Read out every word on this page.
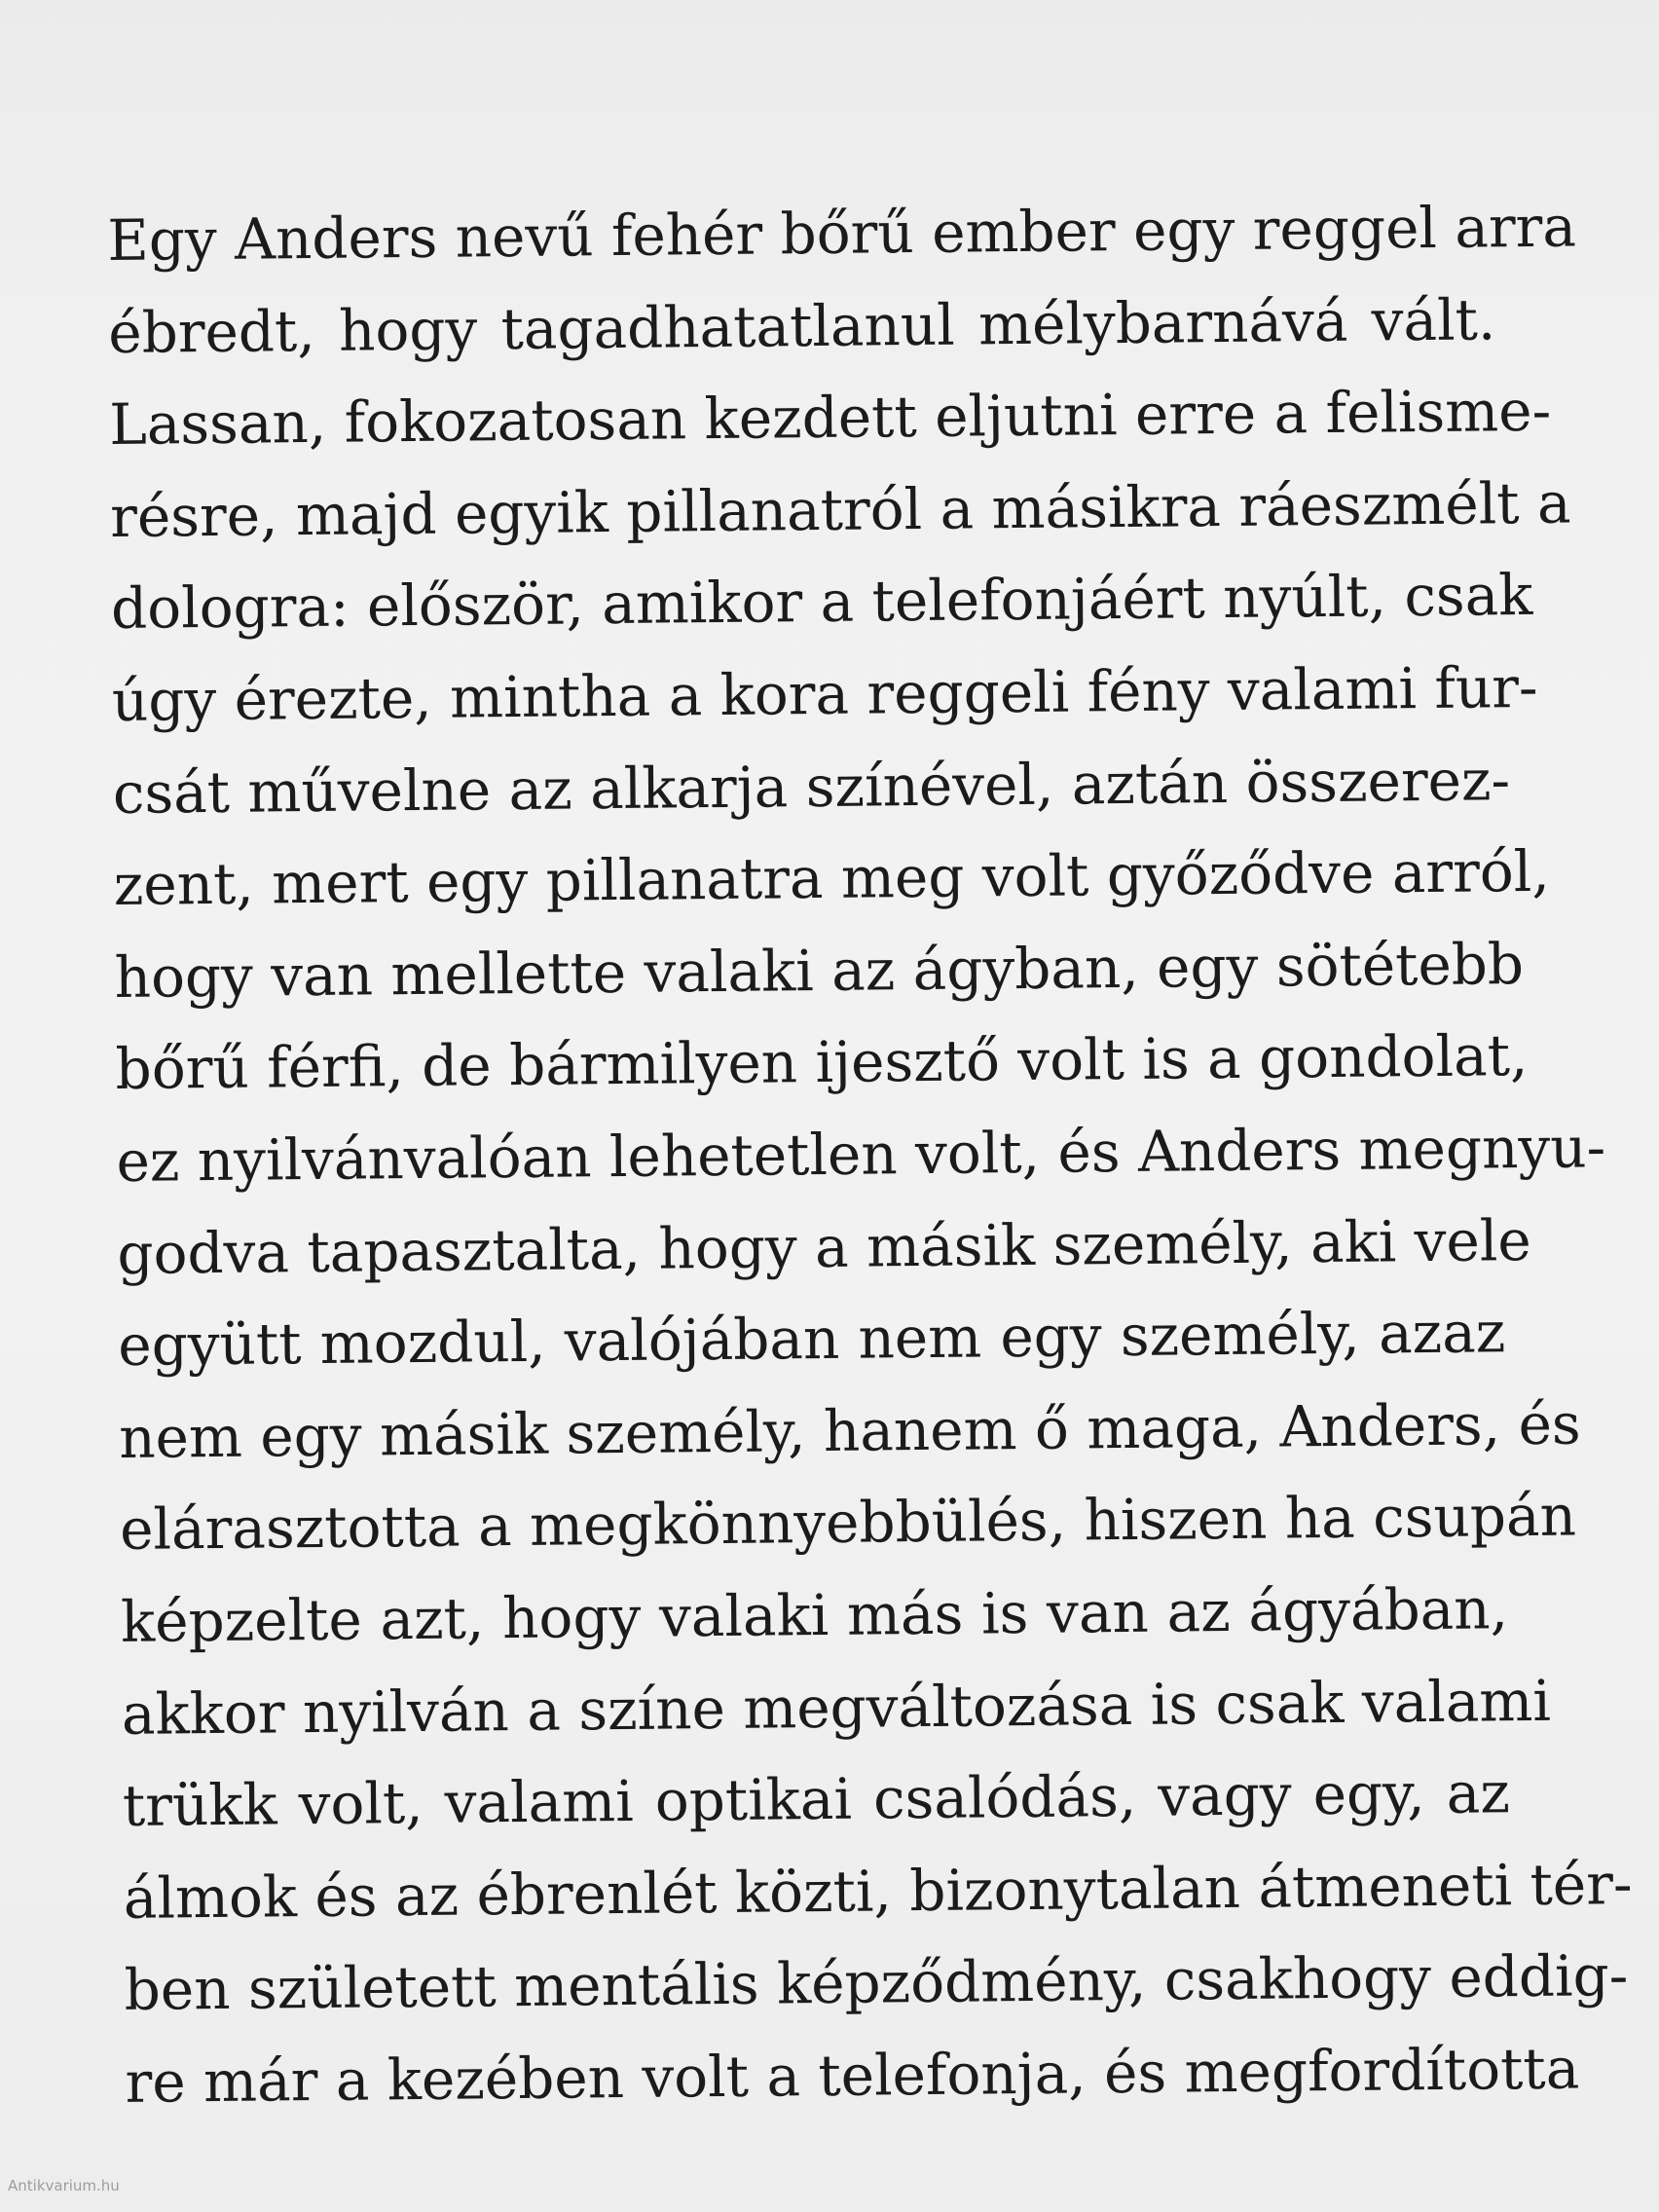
Egy Anders nevű fehér bőrű ember egy reggel arra
ébredt, hogy tagadhatatlanul mélybarnává vált.
Lassan, fokozatosan kezdett eljutni erre a felisme-
résre, majd egyik pillanatról a másikra ráeszmélt a
dologra: először, amikor a telefonjáért nyúlt, csak
úgy érezte, mintha a kora reggeli fény valami fur-
csát művelne az alkarja színével, aztán összerez-
zent, mert egy pillanatra meg volt győződve arról,
hogy van mellette valaki az ágyban, egy sötétebb
bőrű férfi, de bármilyen ijesztő volt is a gondolat,
ez nyilvánvalóan lehetetlen volt, és Anders megnyu-
godva tapasztalta, hogy a másik személy, aki vele
együtt mozdul, valójában nem egy személy, azaz
nem egy másik személy, hanem ő maga, Anders, és
elárasztotta a megkönnyebbülés, hiszen ha csupán
képzelte azt, hogy valaki más is van az ágyában,
akkor nyilván a színe megváltozása is csak valami
trükk volt, valami optikai csalódás, vagy egy, az
álmok és az ébrenlét közti, bizonytalan átmeneti tér-
ben született mentális képződmény, csakhogy eddig-
re már a kezében volt a telefonja, és megfordította
Antikvarium.hu
